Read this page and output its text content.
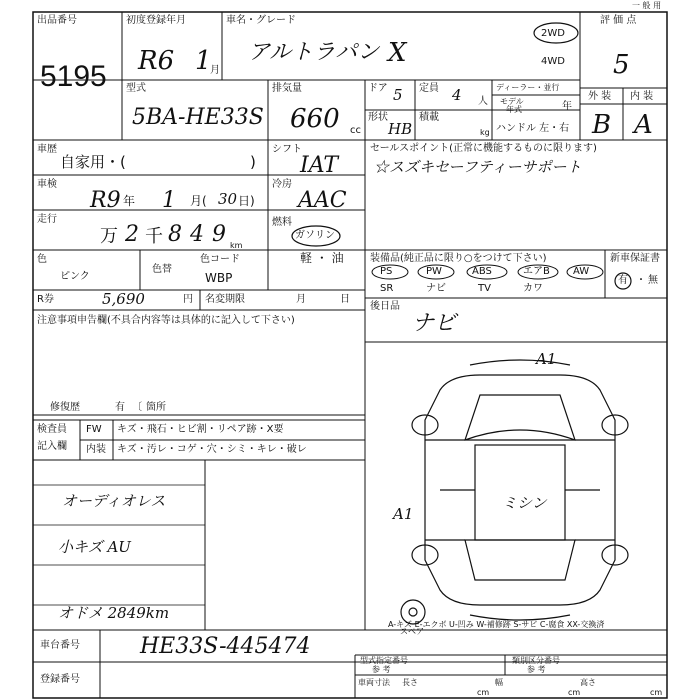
出品番号
5195
初度登録年月
R6 1
月
車名・グレード
アルトラパン X
2WD
4WD
評 価 点
5
一 般 用
型式
5BA-HE33S
排気量
660 cc
ドア 5
形状
HB
定員 4 人
積載
kg
ディーラー・並行
モデル
年式	年
ハンドル 左・右
外 装 内 装
B A
車歴
自家用・(	)
シフト
IAT
車検
R9 年 1 月( 30 日)
冷房
AAC
走行
万 2 千 849
km
燃料
ガソリン
軽 ・ 油
色
ピンク
色替
色コード
WBP
R券	5,690	円 名変期限	月	日
セールスポイント(正常に機能するものに限ります)
☆スズキセーフティーサポート
装備品(純正品に限り○をつけて下さい)
PS	PW	ABS	エアB AW
SR	ナビ	TV	カワ
新車保証書
有 ・ 無
後日品
ナビ
注意事項申告欄(不具合内容等は具体的に記入して下さい)
修復歴	有 〔 箇所
検査員
記入欄
FW キズ・飛石・ヒビ割・リペア跡・X要
内装 キズ・汚レ・コゲ・穴・シミ・キレ・破レ
オーディオレス
小キズ AU
オドメ 2849km
A1
A1
ミシン
スペア
A-キズ E-エクボ U-凹み W-補修跡 S-サビ C-腐食 XX-交換済
車台番号	HE33S-445474
登録番号
型式指定番号
参 考
類別区分番号
参 考
車両寸法 長さ
cm
幅
cm
高さ
cm
